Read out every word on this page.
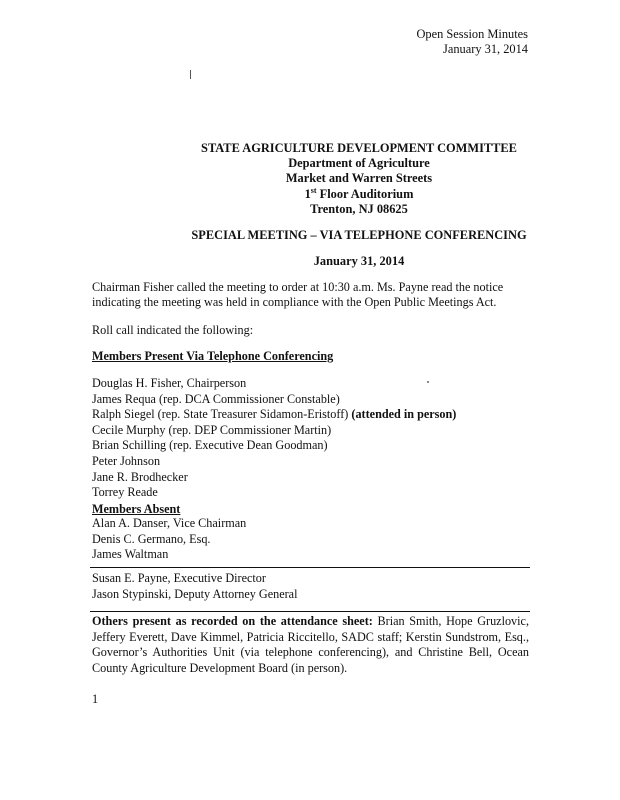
Open Session Minutes
January 31, 2014
STATE AGRICULTURE DEVELOPMENT COMMITTEE
Department of Agriculture
Market and Warren Streets
1st Floor Auditorium
Trenton, NJ 08625
SPECIAL MEETING – VIA TELEPHONE CONFERENCING
January 31, 2014
Chairman Fisher called the meeting to order at 10:30 a.m. Ms. Payne read the notice indicating the meeting was held in compliance with the Open Public Meetings Act.
Roll call indicated the following:
Members Present Via Telephone Conferencing
Douglas H. Fisher, Chairperson
James Requa (rep. DCA Commissioner Constable)
Ralph Siegel (rep. State Treasurer Sidamon-Eristoff) (attended in person)
Cecile Murphy (rep. DEP Commissioner Martin)
Brian Schilling (rep. Executive Dean Goodman)
Peter Johnson
Jane R. Brodhecker
Torrey Reade
Members Absent
Alan A. Danser, Vice Chairman
Denis C. Germano, Esq.
James Waltman
Susan E. Payne, Executive Director
Jason Stypinski, Deputy Attorney General
Others present as recorded on the attendance sheet: Brian Smith, Hope Gruzlovic, Jeffery Everett, Dave Kimmel, Patricia Riccitello, SADC staff; Kerstin Sundstrom, Esq., Governor’s Authorities Unit (via telephone conferencing), and Christine Bell, Ocean County Agriculture Development Board (in person).
1
